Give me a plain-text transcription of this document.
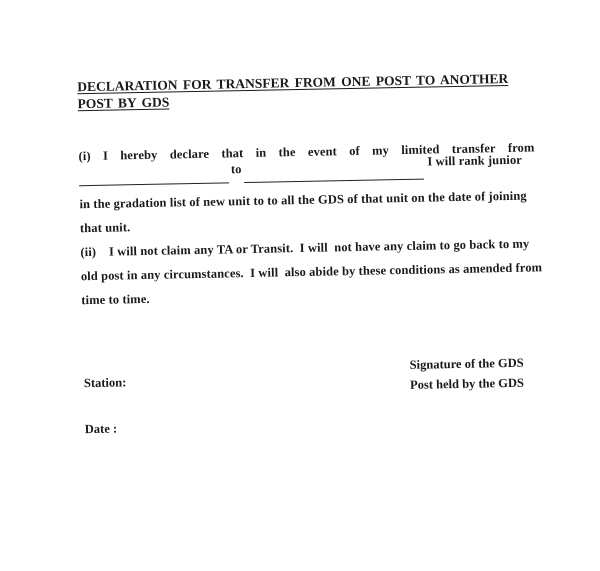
DECLARATION FOR TRANSFER FROM ONE POST TO ANOTHER POST BY GDS
(i) I hereby declare that in the event of my limited transfer from
to
I will rank junior
in the gradation list of new unit to to all the GDS of that unit on the date of joining
that unit.
(ii)    I will not claim any TA or Transit.  I will  not have any claim to go back to my
old post in any circumstances.  I will  also abide by these conditions as amended from
time to time.
Signature of the GDS
Post held by the GDS
Station:
Date :
